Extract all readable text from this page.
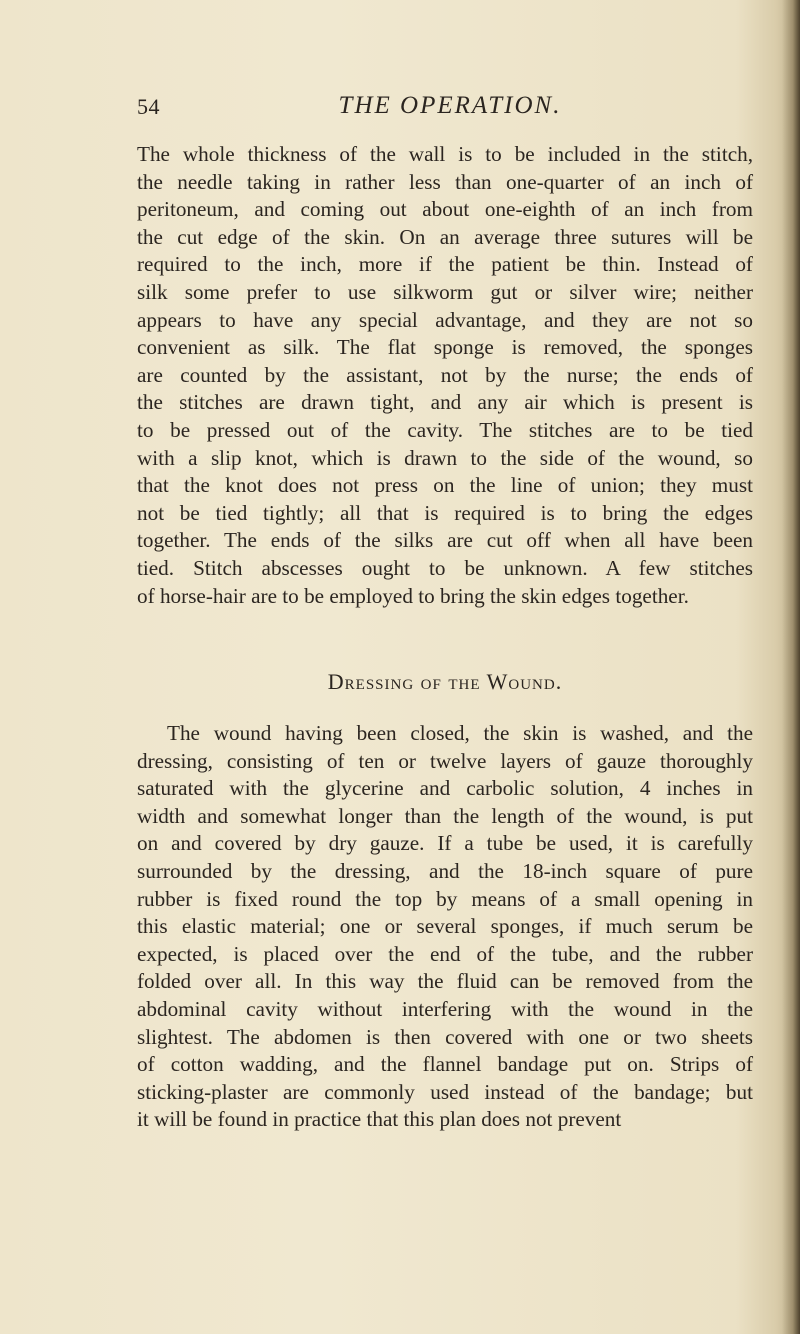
54	THE OPERATION.
The whole thickness of the wall is to be included in the stitch,
the needle taking in rather less than one-quarter of an inch of
peritoneum, and coming out about one-eighth of an inch from
the cut edge of the skin. On an average three sutures will be
required to the inch, more if the patient be thin. Instead of
silk some prefer to use silkworm gut or silver wire; neither
appears to have any special advantage, and they are not so
convenient as silk. The flat sponge is removed, the sponges
are counted by the assistant, not by the nurse; the ends of
the stitches are drawn tight, and any air which is present is
to be pressed out of the cavity. The stitches are to be tied
with a slip knot, which is drawn to the side of the wound, so
that the knot does not press on the line of union; they must
not be tied tightly; all that is required is to bring the edges
together. The ends of the silks are cut off when all have been
tied. Stitch abscesses ought to be unknown. A few stitches
of horse-hair are to be employed to bring the skin edges together.
Dressing of the Wound.
The wound having been closed, the skin is washed, and the
dressing, consisting of ten or twelve layers of gauze thoroughly
saturated with the glycerine and carbolic solution, 4 inches in
width and somewhat longer than the length of the wound, is put
on and covered by dry gauze. If a tube be used, it is carefully
surrounded by the dressing, and the 18-inch square of pure
rubber is fixed round the top by means of a small opening in
this elastic material; one or several sponges, if much serum be
expected, is placed over the end of the tube, and the rubber
folded over all. In this way the fluid can be removed from the
abdominal cavity without interfering with the wound in the
slightest. The abdomen is then covered with one or two sheets
of cotton wadding, and the flannel bandage put on. Strips of
sticking-plaster are commonly used instead of the bandage; but
it will be found in practice that this plan does not prevent
